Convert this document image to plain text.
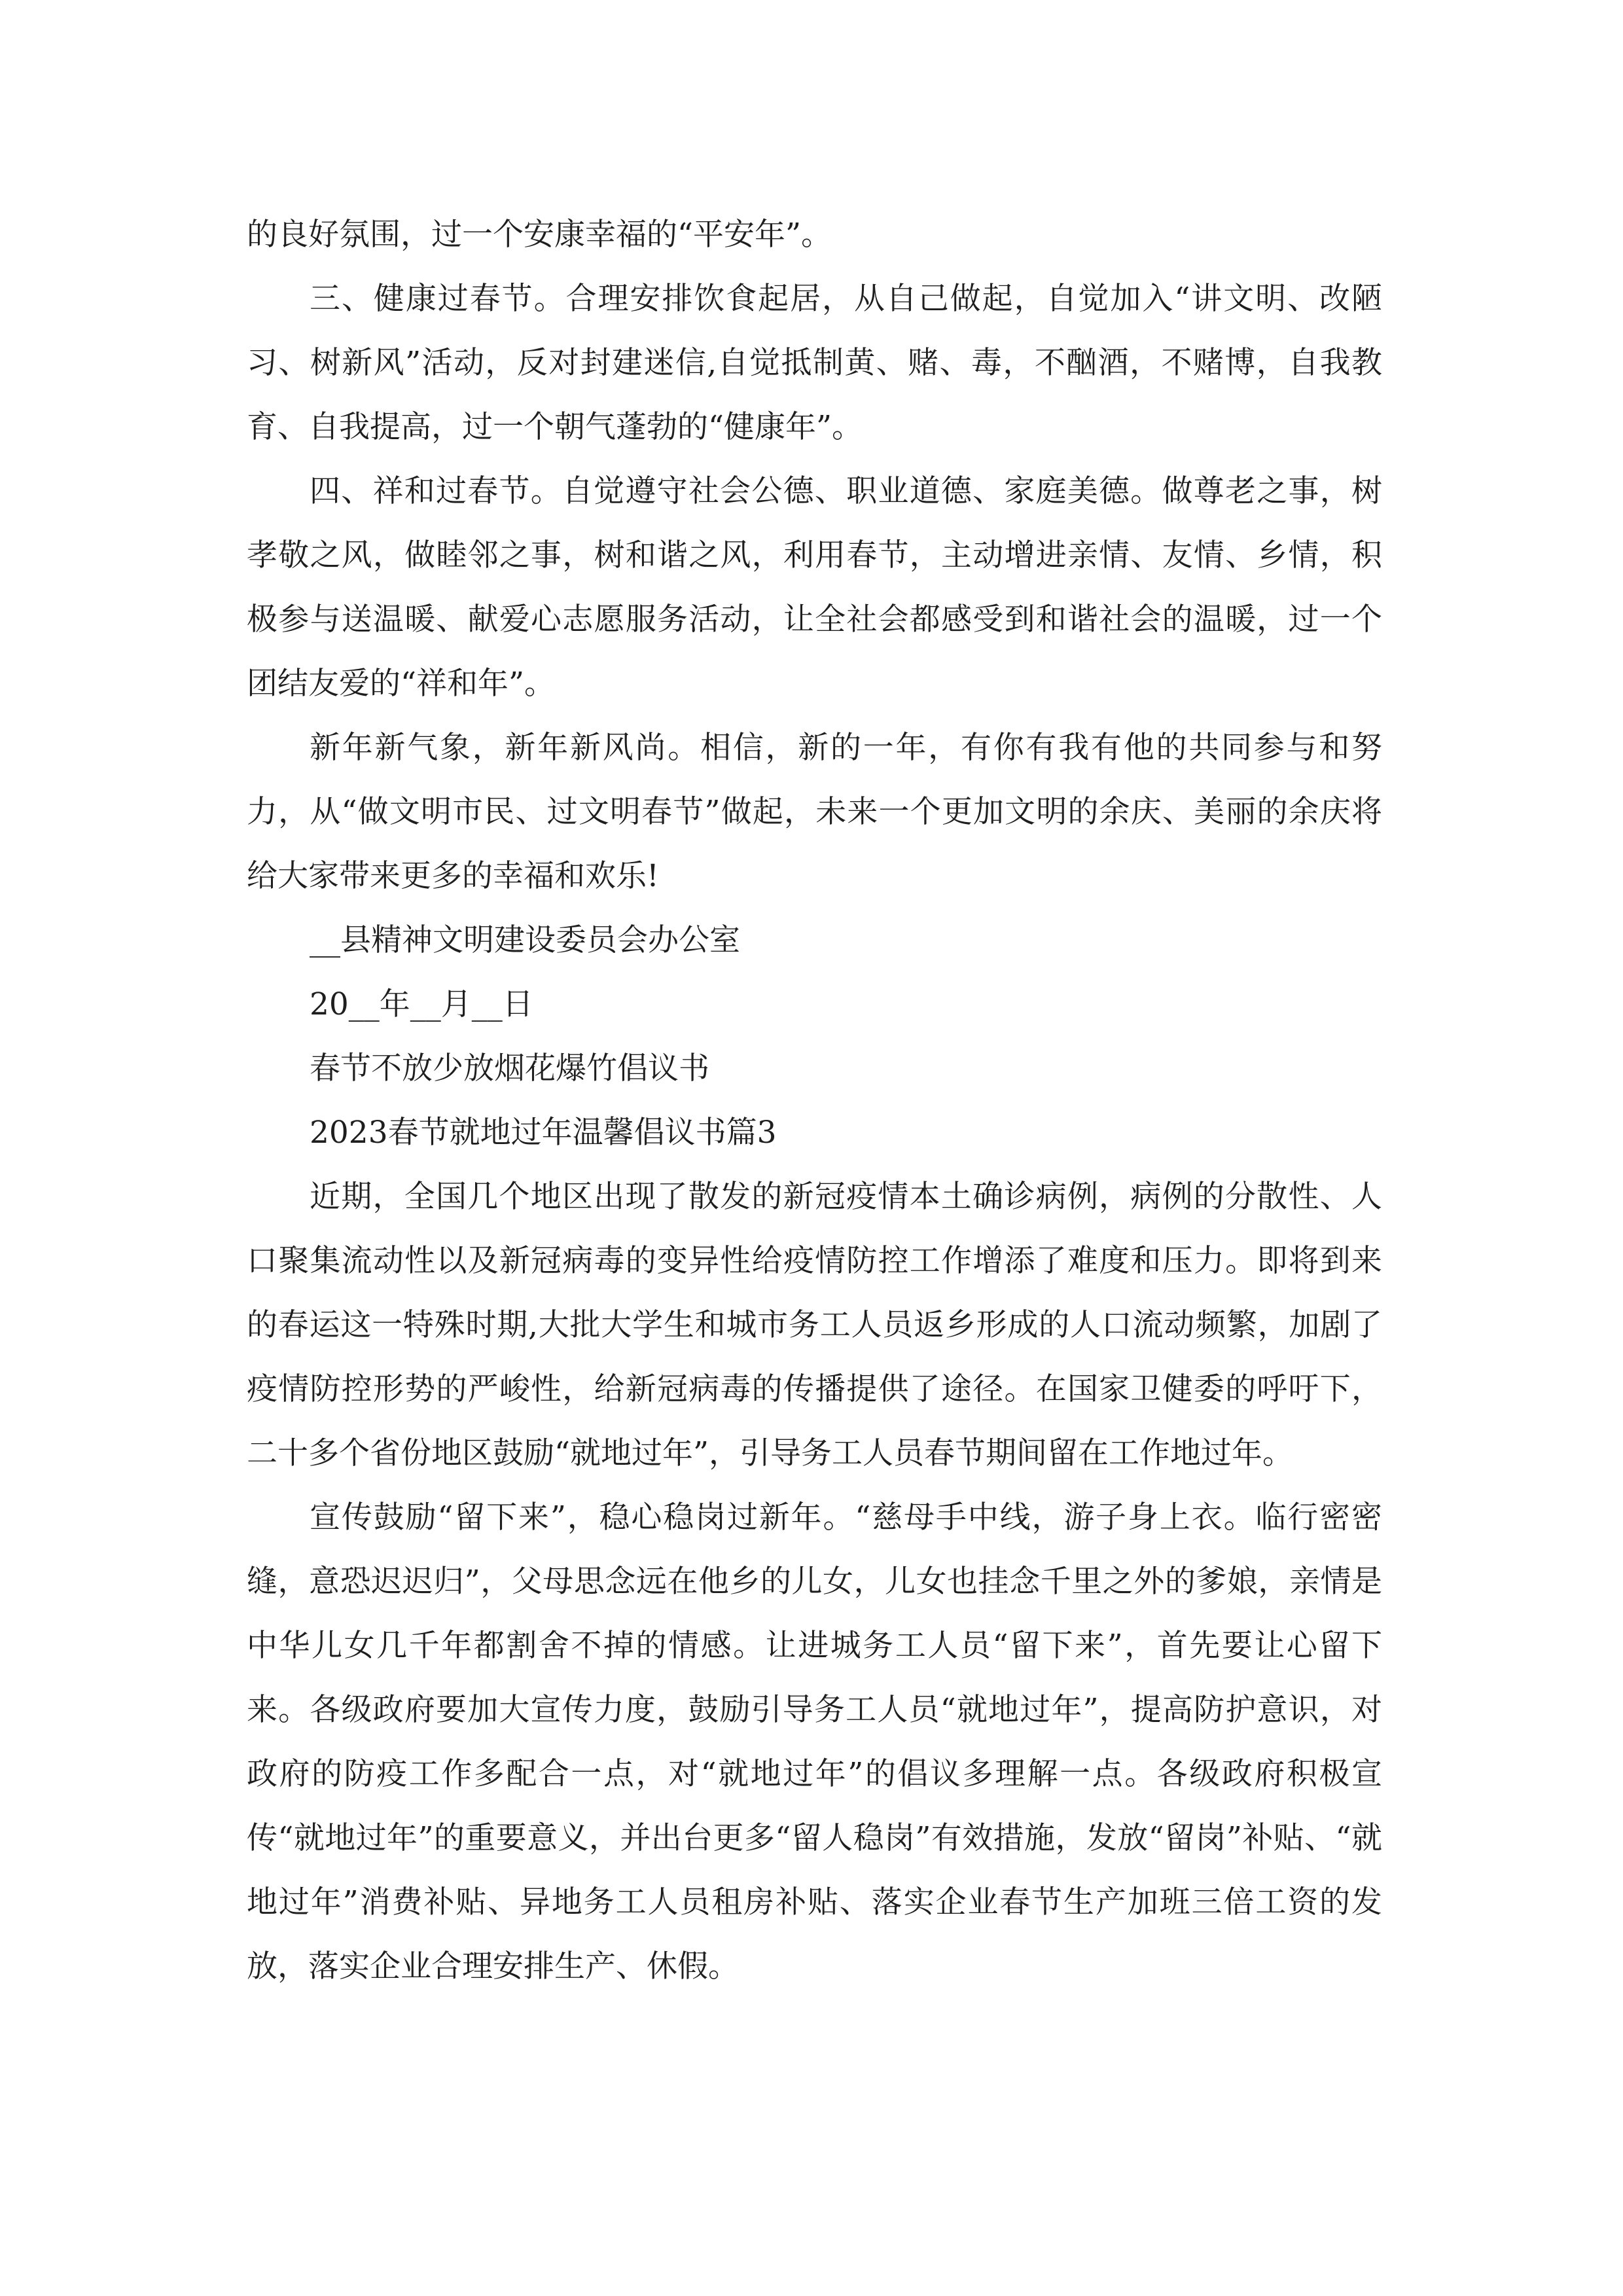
的良好氛围，过一个安康幸福的“平安年”。

三、健康过春节。合理安排饮食起居，从自己做起，自觉加入“讲文明、改陋习、树新风”活动，反对封建迷信,自觉抵制黄、赌、毒，不酗酒，不赌博，自我教育、自我提高，过一个朝气蓬勃的“健康年”。

四、祥和过春节。自觉遵守社会公德、职业道德、家庭美德。做尊老之事，树孝敬之风，做睦邻之事，树和谐之风，利用春节，主动增进亲情、友情、乡情，积极参与送温暖、献爱心志愿服务活动，让全社会都感受到和谐社会的温暖，过一个团结友爱的“祥和年”。

新年新气象，新年新风尚。相信，新的一年，有你有我有他的共同参与和努力，从“做文明市民、过文明春节”做起，未来一个更加文明的余庆、美丽的余庆将给大家带来更多的幸福和欢乐!

__县精神文明建设委员会办公室

20__年__月__日

春节不放少放烟花爆竹倡议书

2023春节就地过年温馨倡议书篇3

近期，全国几个地区出现了散发的新冠疫情本土确诊病例，病例的分散性、人口聚集流动性以及新冠病毒的变异性给疫情防控工作增添了难度和压力。即将到来的春运这一特殊时期,大批大学生和城市务工人员返乡形成的人口流动频繁，加剧了疫情防控形势的严峻性，给新冠病毒的传播提供了途径。在国家卫健委的呼吁下，二十多个省份地区鼓励“就地过年”，引导务工人员春节期间留在工作地过年。

宣传鼓励“留下来”，稳心稳岗过新年。“慈母手中线，游子身上衣。临行密密缝，意恐迟迟归”，父母思念远在他乡的儿女，儿女也挂念千里之外的爹娘，亲情是中华儿女几千年都割舍不掉的情感。让进城务工人员“留下来”，首先要让心留下来。各级政府要加大宣传力度，鼓励引导务工人员“就地过年”，提高防护意识，对政府的防疫工作多配合一点，对“就地过年”的倡议多理解一点。各级政府积极宣传“就地过年”的重要意义，并出台更多“留人稳岗”有效措施，发放“留岗”补贴、“就地过年”消费补贴、异地务工人员租房补贴、落实企业春节生产加班三倍工资的发放，落实企业合理安排生产、休假。
